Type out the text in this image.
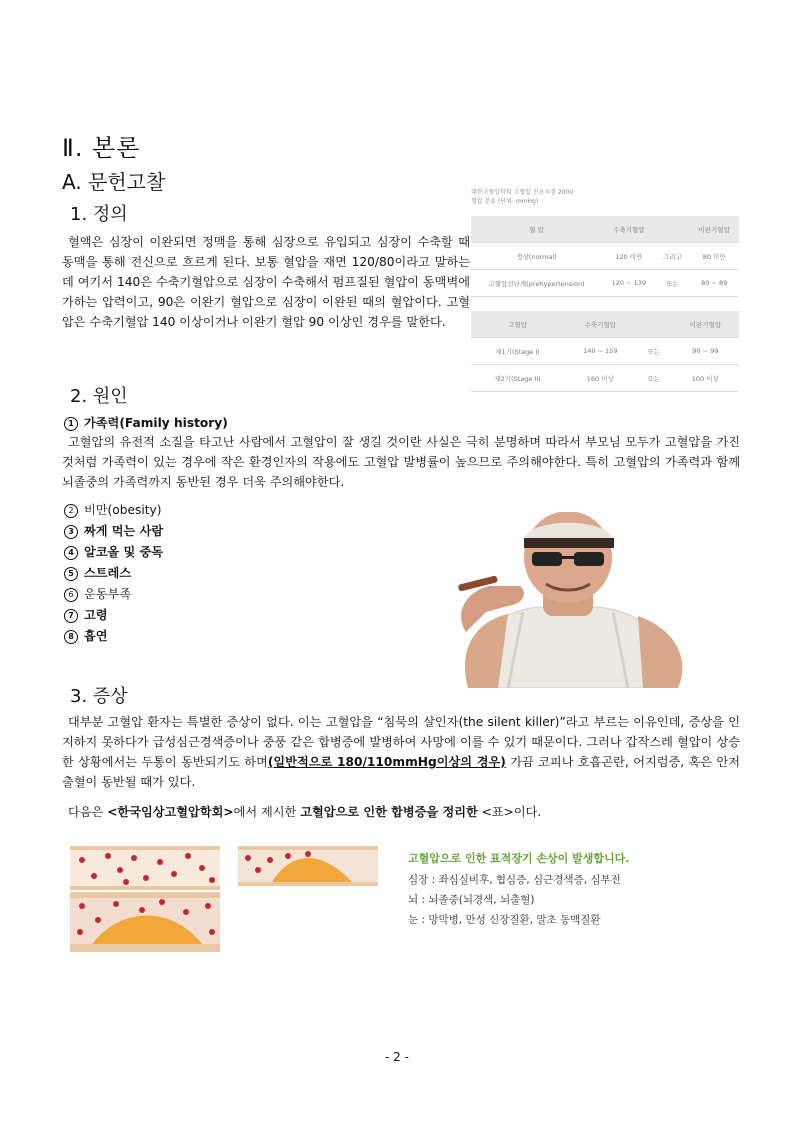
Ⅱ. 본론
A. 문헌고찰
1. 정의
혈액은 심장이 이완되면 정맥을 통해 심장으로 유입되고 심장이 수축할 때 동맥을 통해 전신으로 흐르게 된다. 보통 혈압을 재면 120/80이라고 말하는데 여기서 140은 수축기혈압으로 심장이 수축해서 펌프질된 혈압이 동맥벽에 가하는 압력이고, 90은 이완기 혈압으로 심장이 이완된 때의 혈압이다. 고혈압은 수축기혈압 140 이상이거나 이완기 혈압 90 이상인 경우를 말한다.
대한고혈압학회 고혈압 진료지침 2000
혈압 분류 (단위: mmHg)
혈 압	수축기혈압		이완기혈압
정상(normal)	120 미만	그리고	80 미만
고혈압전단계(prehypertension)	120 ~ 139	또는	80 ~ 89
고혈압	수축기혈압		이완기혈압
제1기(Stage I)	140 ~ 159	또는	90 ~ 99
제2기(Stage II)	160 이상	또는	100 이상
2. 원인
1 가족력(Family history)
고혈압의 유전적 소질을 타고난 사람에서 고혈압이 잘 생길 것이란 사실은 극히 분명하며 따라서 부모님 모두가 고혈압을 가진 것처럼 가족력이 있는 경우에 작은 환경인자의 작용에도 고혈압 발병률이 높으므로 주의해야한다. 특히 고혈압의 가족력과 함께 뇌졸중의 가족력까지 동반된 경우 더욱 주의해야한다.
2 비만(obesity)
3 짜게 먹는 사람
4 알코올 및 중독
5 스트레스
6 운동부족
7 고령
8 흡연
3. 증상
대부분 고혈압 환자는 특별한 증상이 없다. 이는 고혈압을 “침묵의 살인자(the silent killer)”라고 부르는 이유인데, 증상을 인지하지 못하다가 급성심근경색증이나 중풍 같은 합병증에 발병하여 사망에 이를 수 있기 때문이다. 그러나 갑작스레 혈압이 상승한 상황에서는 두통이 동반되기도 하며(일반적으로 180/110mmHg이상의 경우) 가끔 코피나 호흡곤란, 어지럼증, 혹은 안저 출혈이 동반될 때가 있다.
다음은 <한국임상고혈압학회>에서 제시한 고혈압으로 인한 합병증을 정리한 <표>이다.
고혈압으로 인한 표적장기 손상이 발생합니다.
심장 : 좌심실비후, 협심증, 심근경색증, 심부전
뇌 : 뇌졸중(뇌경색, 뇌출혈)
눈 : 망막병, 만성 신장질환, 말초 동맥질환
- 2 -
